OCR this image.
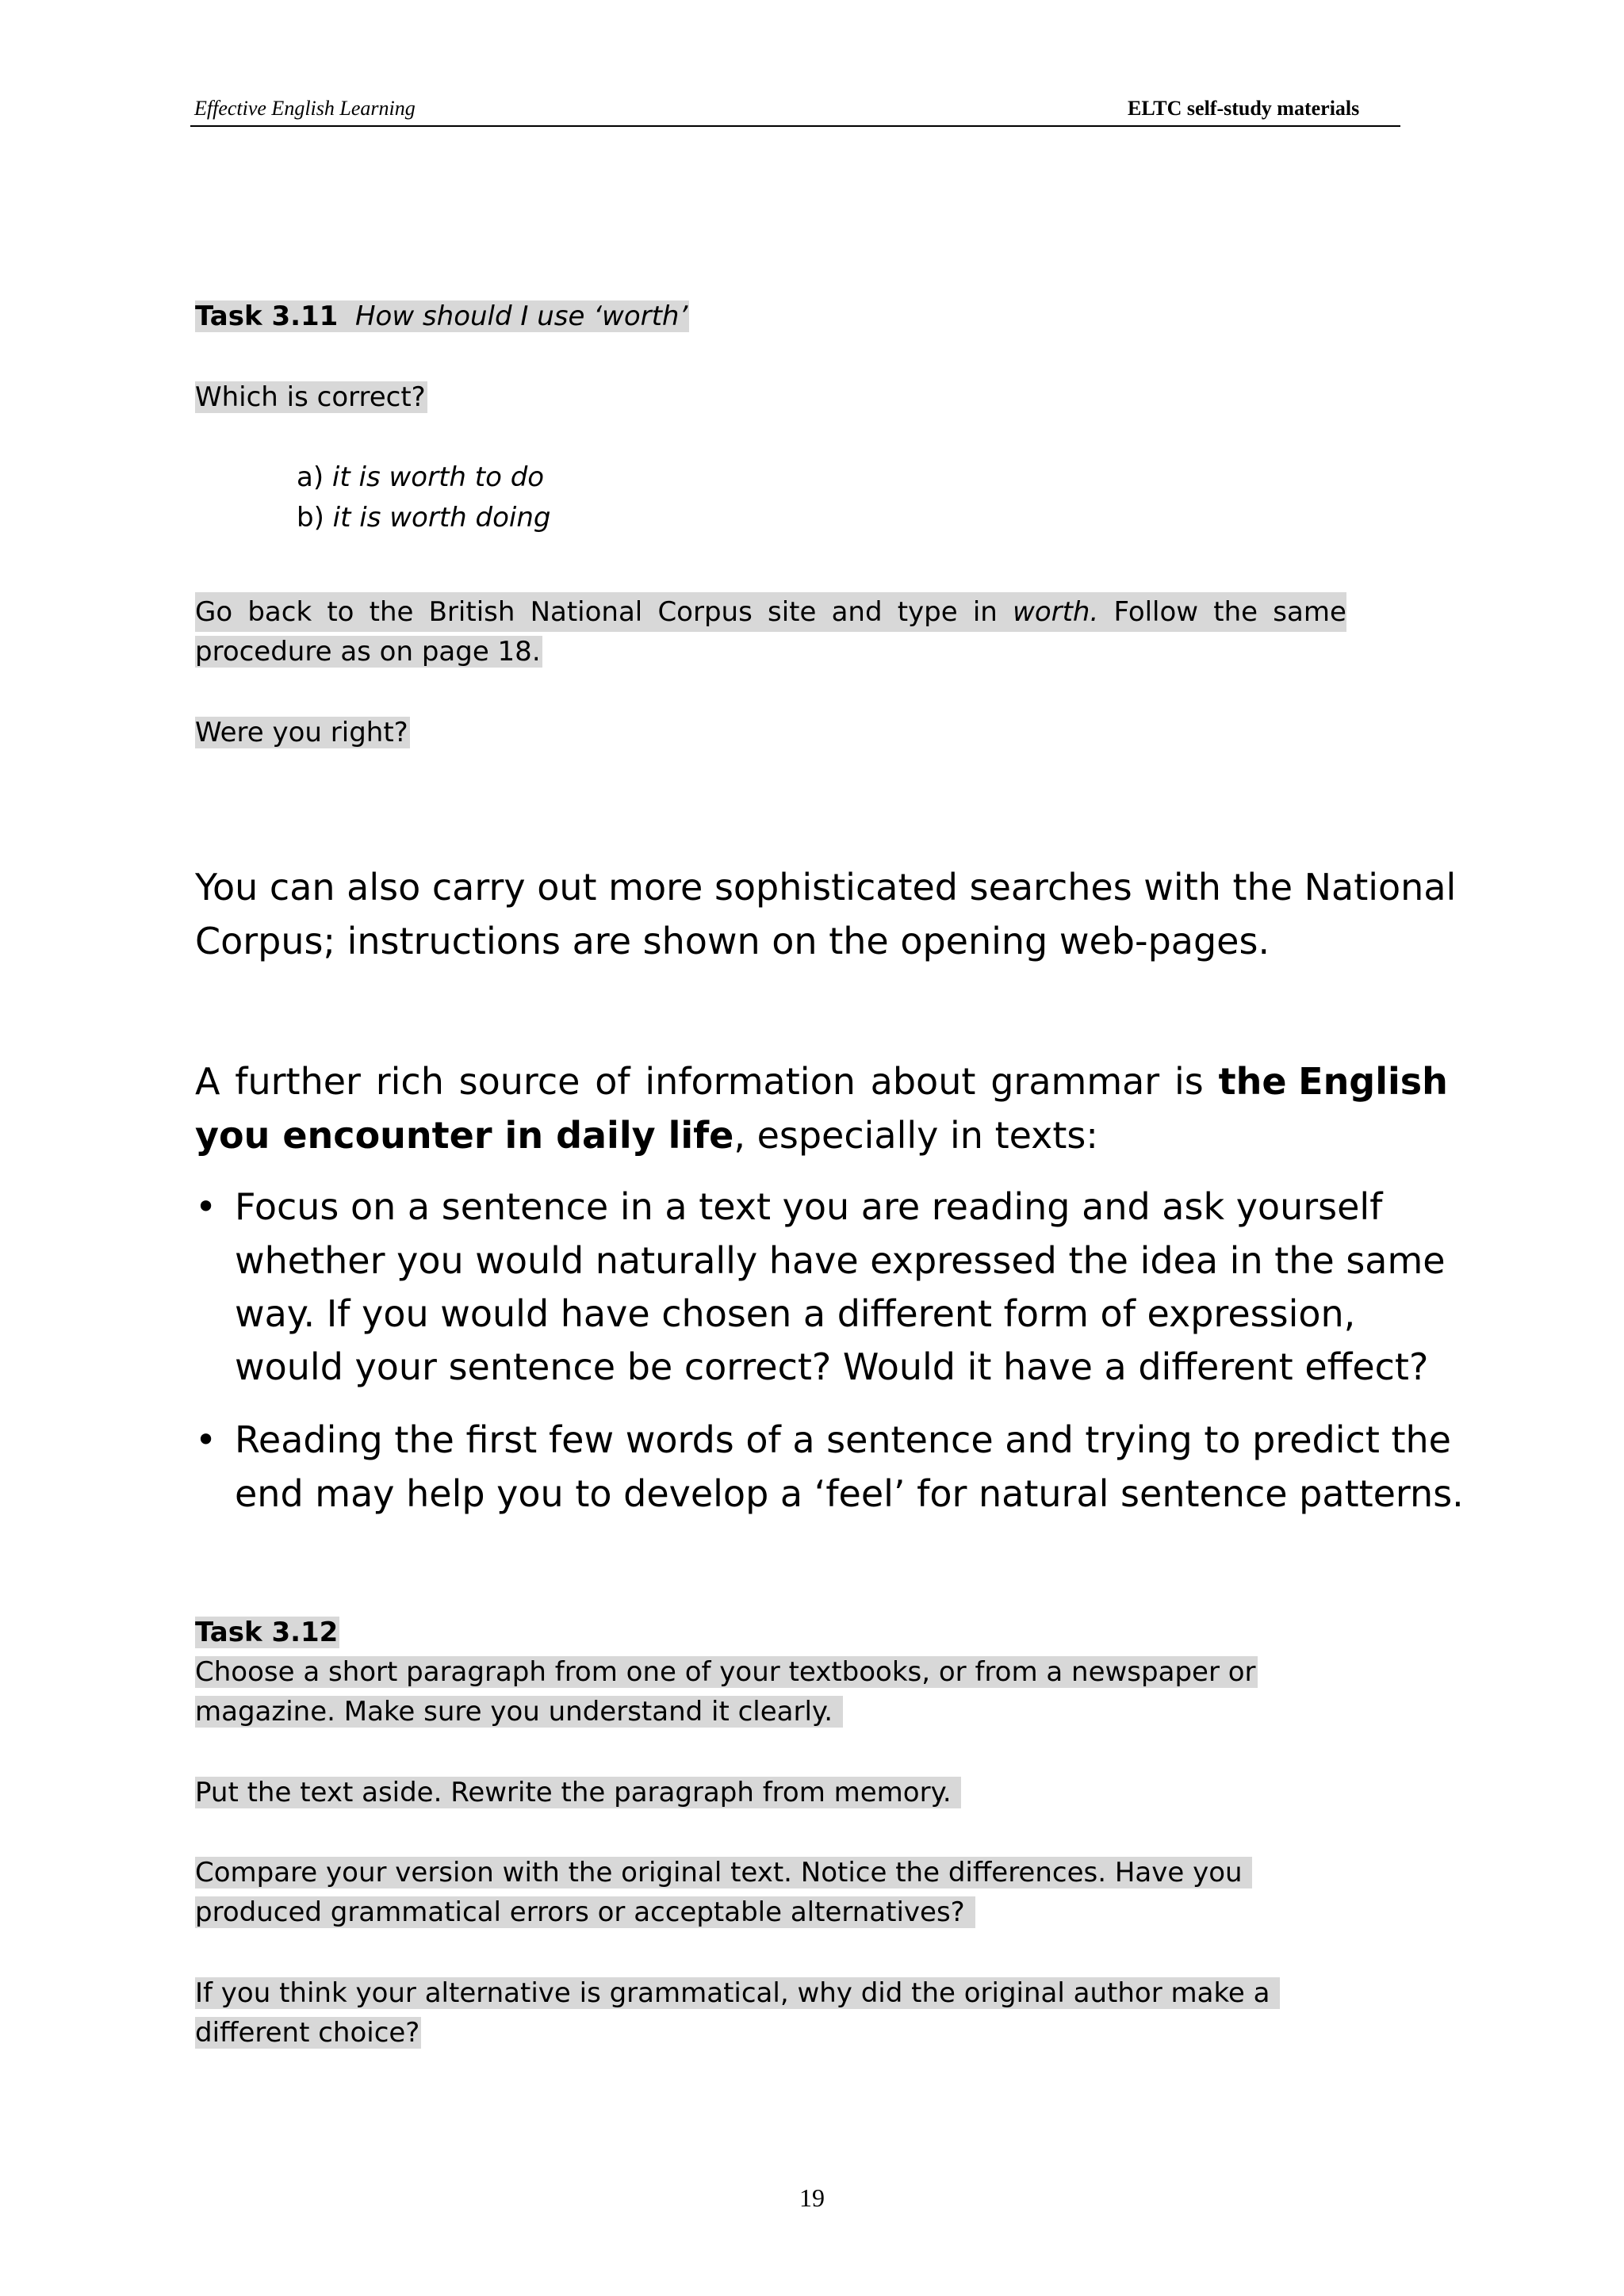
Effective English Learning	ELTC self-study materials
Task 3.11 How should I use ‘worth’
Which is correct?
a) it is worth to do
b) it is worth doing
Go back to the British National Corpus site and type in worth. Follow the same
procedure as on page 18.
Were you right?
You can also carry out more sophisticated searches with the National
Corpus; instructions are shown on the opening web-pages.
A further rich source of information about grammar is the English
you encounter in daily life, especially in texts:
• Focus on a sentence in a text you are reading and ask yourself
whether you would naturally have expressed the idea in the same
way. If you would have chosen a different form of expression,
would your sentence be correct? Would it have a different effect?
• Reading the first few words of a sentence and trying to predict the
end may help you to develop a ‘feel’ for natural sentence patterns.
Task 3.12
Choose a short paragraph from one of your textbooks, or from a newspaper or
magazine. Make sure you understand it clearly.
Put the text aside. Rewrite the paragraph from memory.
Compare your version with the original text. Notice the differences. Have you
produced grammatical errors or acceptable alternatives?
If you think your alternative is grammatical, why did the original author make a
different choice?
19
